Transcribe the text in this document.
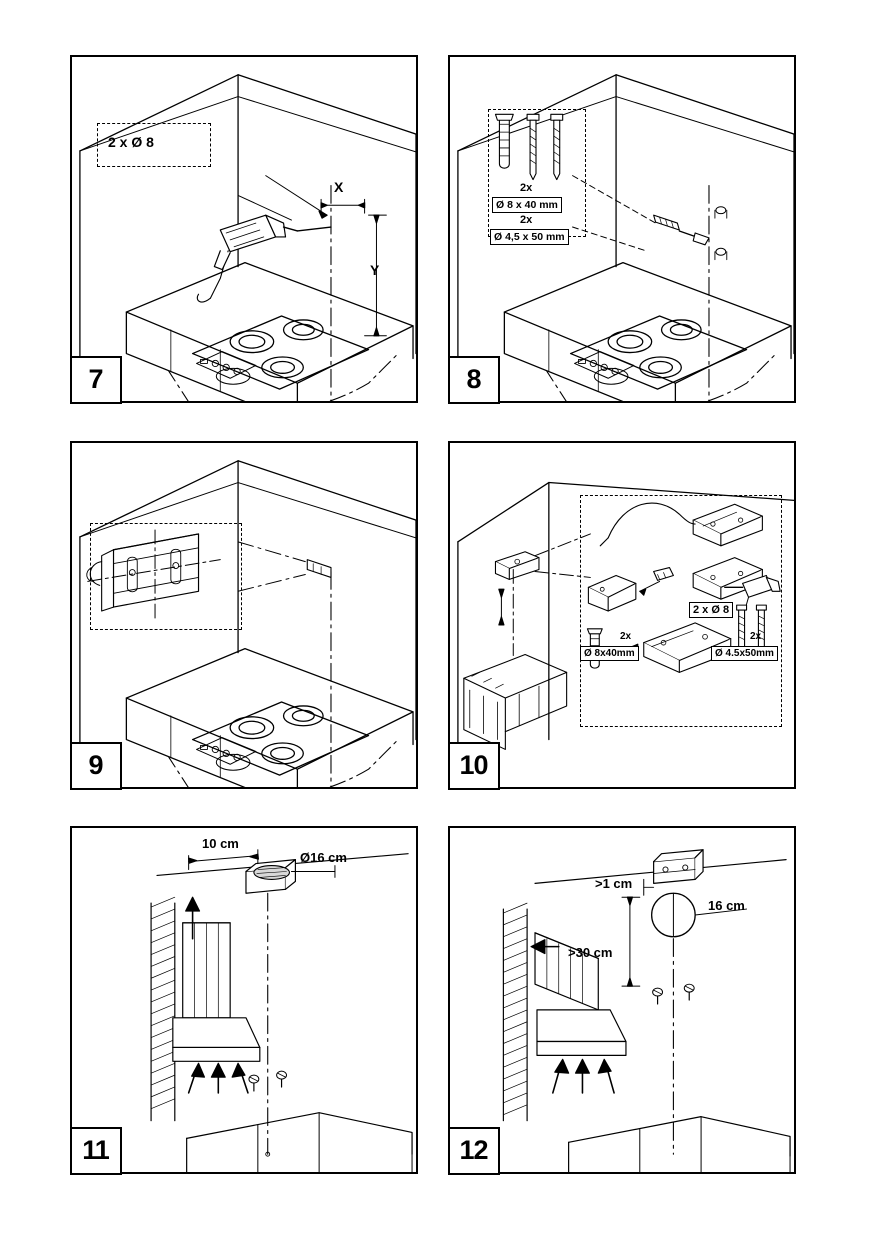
2 x Ø 8
X
Y
7
2x
Ø 8 x 40 mm
2x
Ø 4,5 x 50 mm
8
9
2 x Ø 8
2x
Ø 8x40mm
2x
Ø 4.5x50mm
10
10 cm
Ø16 cm
11
>1 cm
16 cm
>30 cm
12
